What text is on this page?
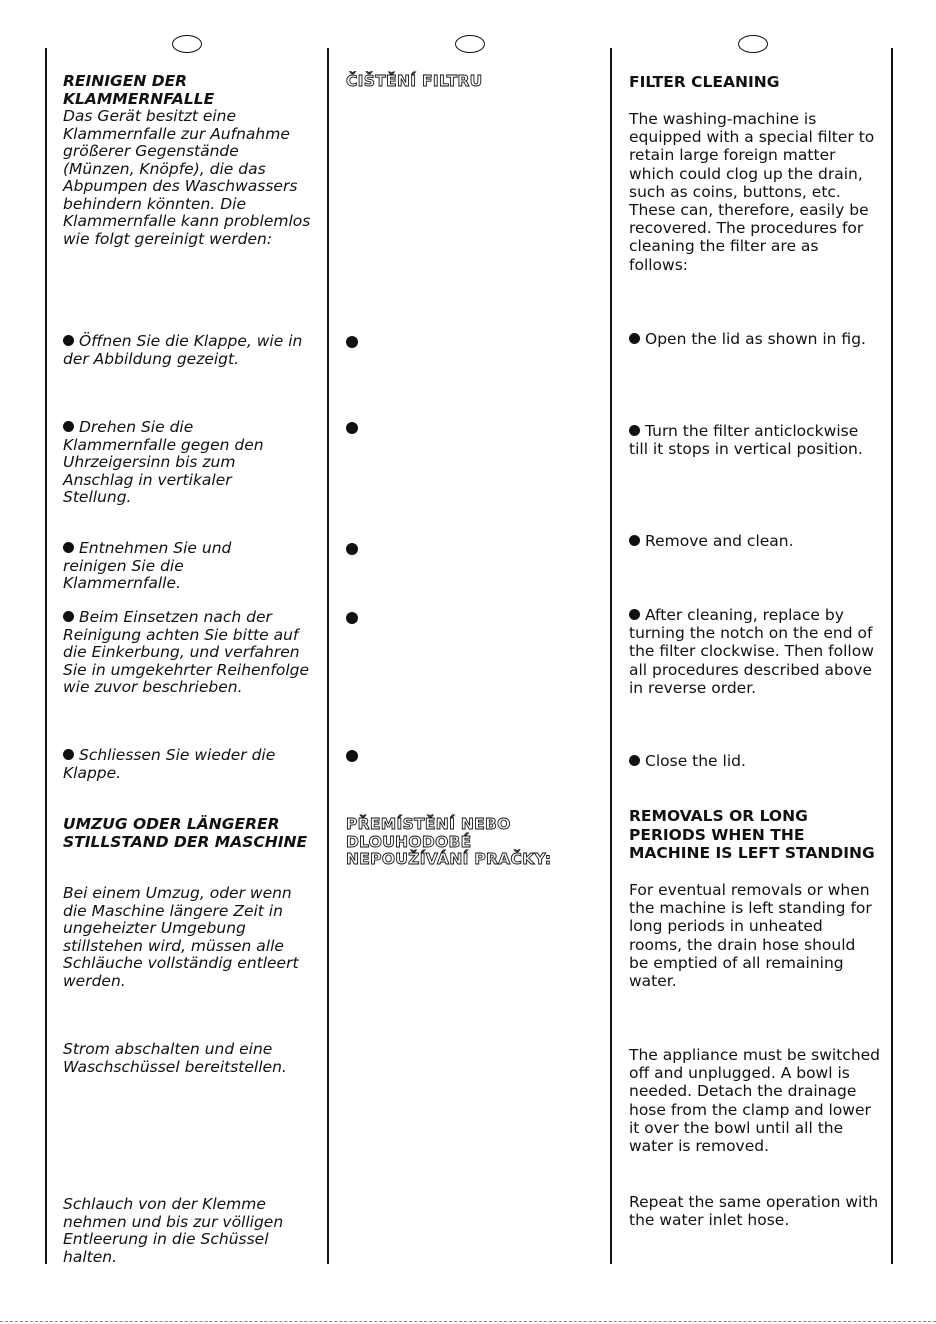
REINIGEN DER KLAMMERNFALLE
Das Gerät besitzt eine Klammernfalle zur Aufnahme größerer Gegenstände (Münzen, Knöpfe), die das Abpumpen des Waschwassers behindern könnten. Die Klammernfalle kann problemlos wie folgt gereinigt werden:
Öffnen Sie die Klappe, wie in der Abbildung gezeigt.
Drehen Sie die Klammernfalle gegen den Uhrzeigersinn bis zum Anschlag in vertikaler Stellung.
Entnehmen Sie und reinigen Sie die Klammernfalle.
Beim Einsetzen nach der Reinigung achten Sie bitte auf die Einkerbung, und verfahren Sie in umgekehrter Reihenfolge wie zuvor beschrieben.
Schliessen Sie wieder die Klappe.
UMZUG ODER LÄNGERER STILLSTAND DER MASCHINE
Bei einem Umzug, oder wenn die Maschine längere Zeit in ungeheizter Umgebung stillstehen wird, müssen alle Schläuche vollständig entleert werden.
Strom abschalten und eine Waschschüssel bereitstellen.
Schlauch von der Klemme nehmen und bis zur völligen Entleerung in die Schüssel halten.
ČIŠTĚNÍ FILTRU
PŘEMÍSTĚNÍ NEBO DLOUHODOBÉ NEPOUŽÍVÁNÍ PRAČKY:
FILTER CLEANING
The washing-machine is equipped with a special filter to retain large foreign matter which could clog up the drain, such as coins, buttons, etc. These can, therefore, easily be recovered. The procedures for cleaning the filter are as follows:
Open the lid as shown in fig.
Turn the filter anticlockwise till it stops in vertical position.
Remove and clean.
After cleaning, replace by turning the notch on the end of the filter clockwise. Then follow all procedures described above in reverse order.
Close the lid.
REMOVALS OR LONG PERIODS WHEN THE MACHINE IS LEFT STANDING
For eventual removals or when the machine is left standing for long periods in unheated rooms, the drain hose should be emptied of all remaining water.
The appliance must be switched off and unplugged. A bowl is needed. Detach the drainage hose from the clamp and lower it over the bowl until all the water is removed.
Repeat the same operation with the water inlet hose.
